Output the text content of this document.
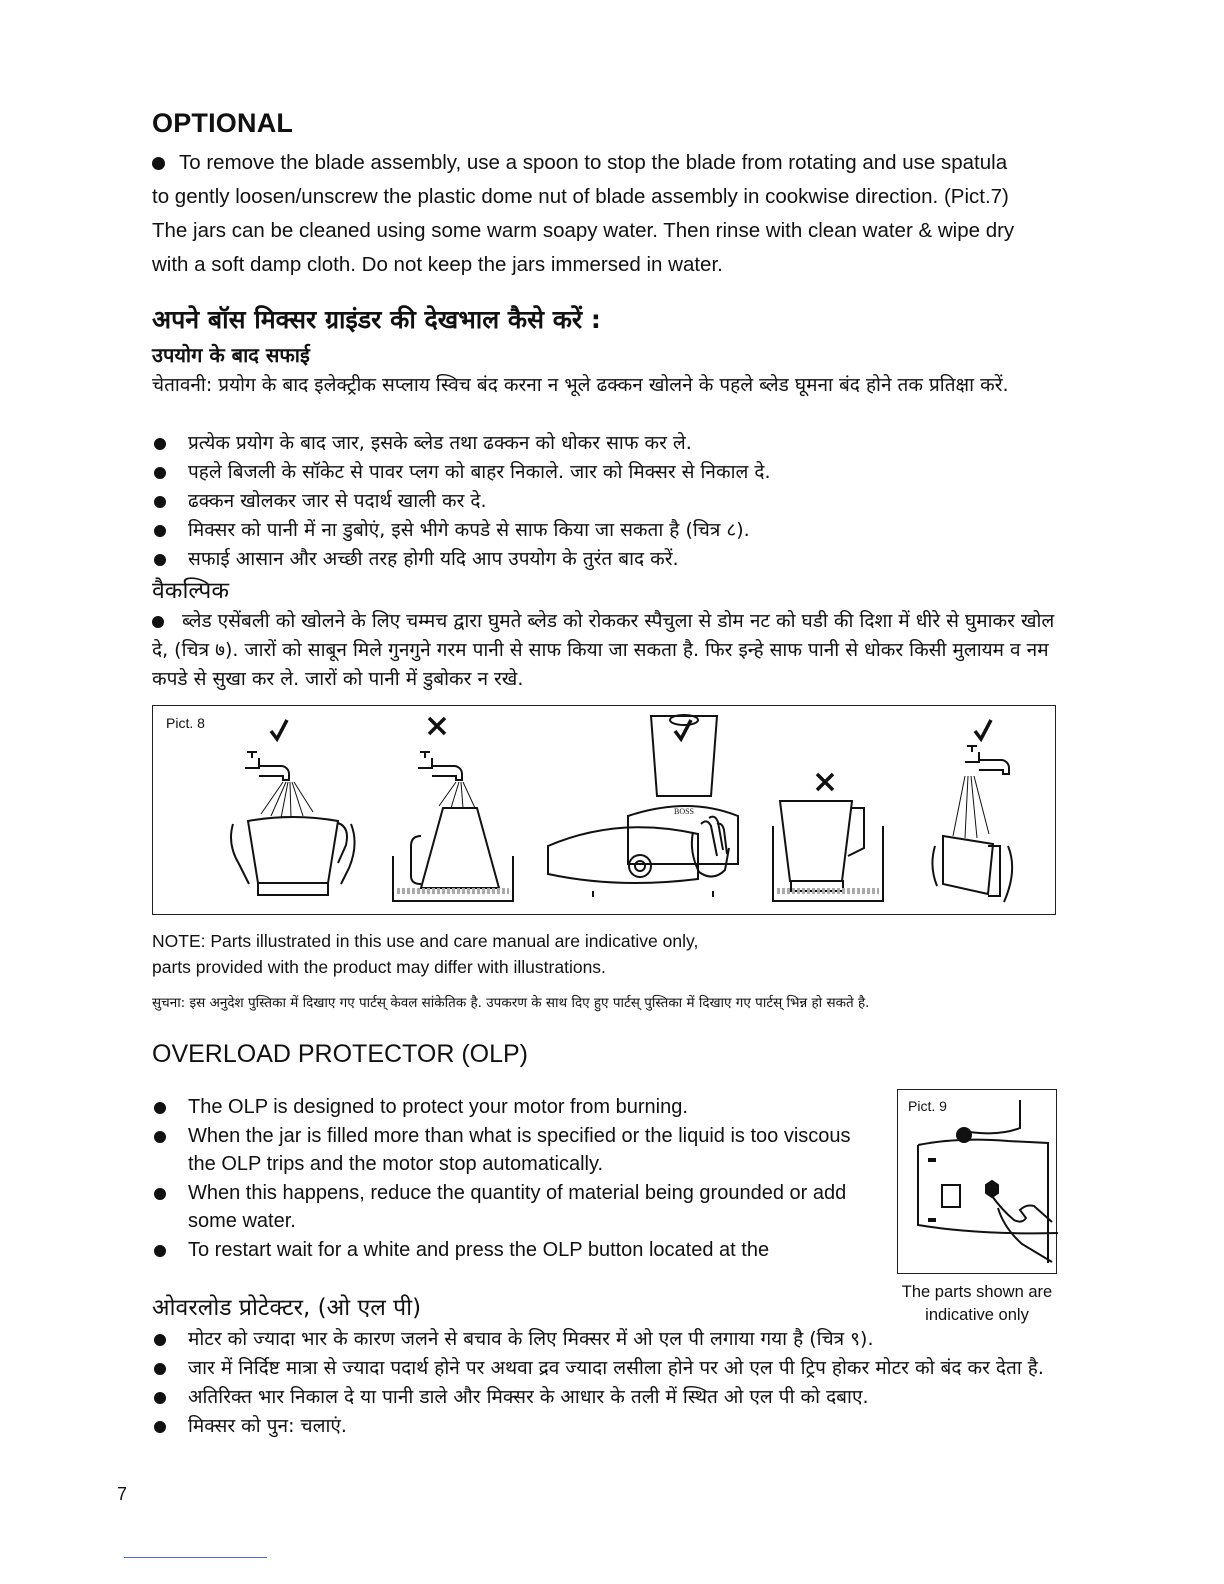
OPTIONAL
To remove the blade assembly, use a spoon to stop the blade from rotating and use spatula
to gently loosen/unscrew the plastic dome nut of blade assembly in cookwise direction. (Pict.7)
The jars can be cleaned using some warm soapy water. Then rinse with clean water & wipe dry
with a soft damp cloth. Do not keep the jars immersed in water.
अपने बॉस मिक्सर ग्राइंडर की देखभाल कैसे करें :
उपयोग के बाद सफाई
चेतावनी: प्रयोग के बाद इलेक्ट्रीक सप्लाय स्विच बंद करना न भूले ढक्कन खोलने के पहले ब्लेड घूमना बंद होने तक प्रतिक्षा करें.
प्रत्येक प्रयोग के बाद जार, इसके ब्लेड तथा ढक्कन को धोकर साफ कर ले.
पहले बिजली के सॉकेट से पावर प्लग को बाहर निकाले. जार को मिक्सर से निकाल दे.
ढक्कन खोलकर जार से पदार्थ खाली कर दे.
मिक्सर को पानी में ना डुबोएं, इसे भीगे कपडे से साफ किया जा सकता है (चित्र ८).
सफाई आसान और अच्छी तरह होगी यदि आप उपयोग के तुरंत बाद करें.
वैकल्पिक
ब्लेड एसेंबली को खोलने के लिए चम्मच द्वारा घुमते ब्लेड को रोककर स्पैचुला से डोम नट को घडी की दिशा में धीरे से घुमाकर खोल दे, (चित्र ७). जारों को साबून मिले गुनगुने गरम पानी से साफ किया जा सकता है. फिर इन्हे साफ पानी से धोकर किसी मुलायम व नम कपडे से सुखा कर ले. जारों को पानी में डुबोकर न रखे.
Pict. 8
BOSS
NOTE: Parts illustrated in this use and care manual are indicative only,
parts provided with the product may differ with illustrations.
सुचना: इस अनुदेश पुस्तिका में दिखाए गए पार्टस् केवल सांकेतिक है. उपकरण के साथ दिए हुए पार्टस् पुस्तिका में दिखाए गए पार्टस् भिन्न हो सकते है.
OVERLOAD PROTECTOR (OLP)
The OLP is designed to protect your motor from burning.
When the jar is filled more than what is specified or the liquid is too viscous the OLP trips and the motor stop automatically.
When this happens, reduce the quantity of material being grounded or add some water.
To restart wait for a white and press the OLP button located at the
Pict. 9
The parts shown are indicative only
ओवरलोड प्रोटेक्टर, (ओ एल पी)
मोटर को ज्यादा भार के कारण जलने से बचाव के लिए मिक्सर में ओ एल पी लगाया गया है (चित्र ९).
जार में निर्दिष्ट मात्रा से ज्यादा पदार्थ होने पर अथवा द्रव ज्यादा लसीला होने पर ओ एल पी ट्रिप होकर मोटर को बंद कर देता है.
अतिरिक्त भार निकाल दे या पानी डाले और मिक्सर के आधार के तली में स्थित ओ एल पी को दबाए.
मिक्सर को पुन: चलाएं.
7
